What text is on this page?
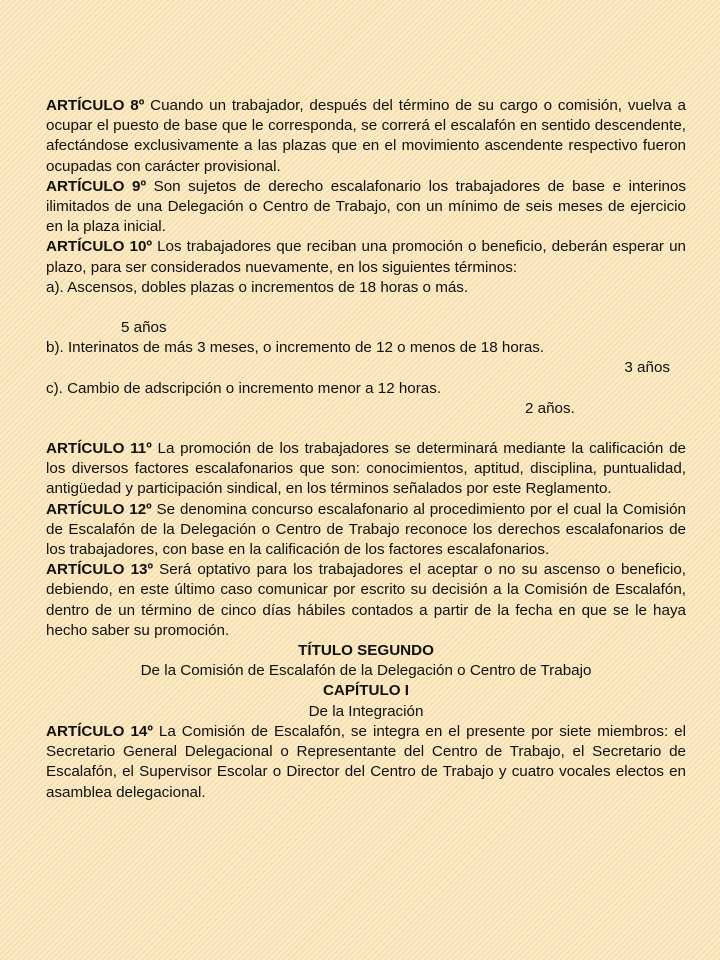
ARTÍCULO 8º Cuando un trabajador, después del término de su cargo o comisión, vuelva a ocupar el puesto de base que le corresponda, se correrá el escalafón en sentido descendente, afectándose exclusivamente a las plazas que en el movimiento ascendente respectivo fueron ocupadas con carácter provisional.

ARTÍCULO 9º Son sujetos de derecho escalafonario los trabajadores de base e interinos ilimitados de una Delegación o Centro de Trabajo, con un mínimo de seis meses de ejercicio en la plaza inicial.

ARTÍCULO 10º Los trabajadores que reciban una promoción o beneficio, deberán esperar un plazo, para ser considerados nuevamente, en los siguientes términos:

a). Ascensos, dobles plazas o incrementos de 18 horas o más.

5 años

b). Interinatos de más 3 meses, o incremento de 12 o menos de 18 horas.

3 años

c). Cambio de adscripción o incremento menor a 12 horas.

2 años.

ARTÍCULO 11º La promoción de los trabajadores se determinará mediante la calificación de los diversos factores escalafonarios que son: conocimientos, aptitud, disciplina, puntualidad, antigüedad y participación sindical, en los términos señalados por este Reglamento.

ARTÍCULO 12º Se denomina concurso escalafonario al procedimiento por el cual la Comisión de Escalafón de la Delegación o Centro de Trabajo reconoce los derechos escalafonarios de los trabajadores, con base en la calificación de los factores escalafonarios.

ARTÍCULO 13º Será optativo para los trabajadores el aceptar o no su ascenso o beneficio, debiendo, en este último caso comunicar por escrito su decisión a la Comisión de Escalafón, dentro de un término de cinco días hábiles contados a partir de la fecha en que se le haya hecho saber su promoción.

TÍTULO SEGUNDO

De la Comisión de Escalafón de la Delegación o Centro de Trabajo

CAPÍTULO I

De la Integración

ARTÍCULO 14º La Comisión de Escalafón, se integra en el presente por siete miembros: el Secretario General Delegacional o Representante del Centro de Trabajo, el Secretario de Escalafón, el Supervisor Escolar o Director del Centro de Trabajo y cuatro vocales electos en asamblea delegacional.
